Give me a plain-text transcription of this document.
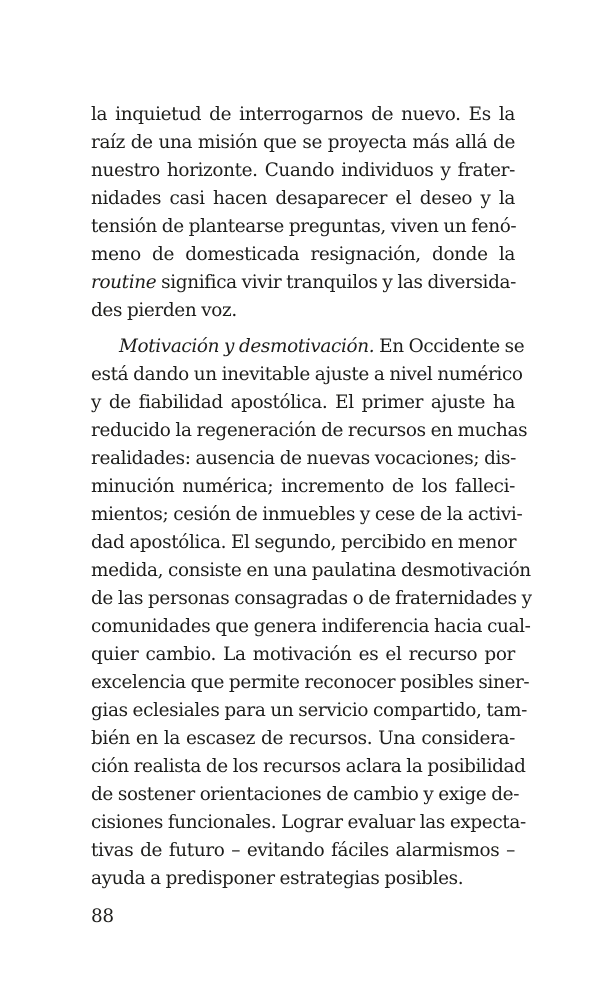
la inquietud de interrogarnos de nuevo. Es la
raíz de una misión que se proyecta más allá de
nuestro horizonte. Cuando individuos y frater-
nidades casi hacen desaparecer el deseo y la
tensión de plantearse preguntas, viven un fenó-
meno de domesticada resignación, donde la
routine significa vivir tranquilos y las diversida-
des pierden voz.
Motivación y desmotivación. En Occidente se
está dando un inevitable ajuste a nivel numérico
y de fiabilidad apostólica. El primer ajuste ha
reducido la regeneración de recursos en muchas
realidades: ausencia de nuevas vocaciones; dis-
minución numérica; incremento de los falleci-
mientos; cesión de inmuebles y cese de la activi-
dad apostólica. El segundo, percibido en menor
medida, consiste en una paulatina desmotivación
de las personas consagradas o de fraternidades y
comunidades que genera indiferencia hacia cual-
quier cambio. La motivación es el recurso por
excelencia que permite reconocer posibles siner-
gias eclesiales para un servicio compartido, tam-
bién en la escasez de recursos. Una considera-
ción realista de los recursos aclara la posibilidad
de sostener orientaciones de cambio y exige de-
cisiones funcionales. Lograr evaluar las expecta-
tivas de futuro – evitando fáciles alarmismos –
ayuda a predisponer estrategias posibles.
88
